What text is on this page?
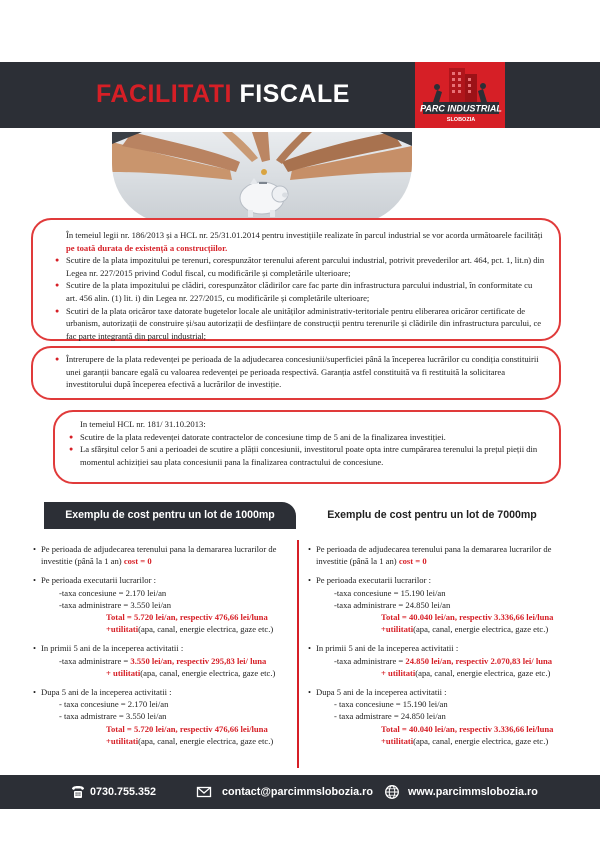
FACILITATI FISCALE
PARC INDUSTRIAL
SLOBOZIA

În temeiul legii nr. 186/2013 și a HCL nr. 25/31.01.2014 pentru investițiile realizate în parcul industrial se vor acorda următoarele facilități pe toată durata de existență a construcțiilor.

● Scutire de la plata impozitului pe terenuri, corespunzător terenului aferent parcului industrial, potrivit prevederilor art. 464, pct. 1, lit.n) din Legea nr. 227/2015 privind Codul fiscal, cu modificările și completările ulterioare;
● Scutire de la plata impozitului pe clădiri, corespunzător clădirilor care fac parte din infrastructura parcului industrial, în conformitate cu art. 456 alin. (1) lit. i) din Legea nr. 227/2015, cu modificările și completările ulterioare;
● Scutiri de la plata oricăror taxe datorate bugetelor locale ale unităților administrativ-teritoriale pentru eliberarea oricăror certificate de urbanism, autorizații de construire și/sau autorizații de desființare de construcții pentru terenurile și clădirile din infrastructura parcului, ce fac parte integrantă din parcul industrial;
● Întrerupere de la plata redevenței pe perioada de la adjudecarea concesiunii/superficiei până la începerea lucrărilor cu condiția constituirii unei garanții bancare egală cu valoarea redevenței pe perioada respectivă. Garanția astfel constituită va fi restituită la solicitarea investitorului după începerea efectivă a lucrărilor de investiție.

In temeiul HCL nr. 181/ 31.10.2013:

● Scutire de la plata redevenței datorate contractelor de concesiune timp de 5 ani de la finalizarea investiției.
● La sfârșitul celor 5 ani a perioadei de scutire a plății concesiunii, investitorul poate opta intre cumpărarea terenului la prețul pieții din momentul achiziției sau plata concesiunii pana la finalizarea contractului de concesiune.
Exemplu de cost pentru un lot de 1000mp	Exemplu de cost pentru un lot de 7000mp
• Pe perioada de adjudecarea terenului pana la demararea lucrarilor de investitie (până la 1 an) cost = 0
• Pe perioada executarii lucrarilor :
-taxa concesiune = 2.170 lei/an
-taxa administrare = 3.550 lei/an
Total = 5.720 lei/an, respectiv 476,66 lei/luna
+utilitati(apa, canal, energie electrica, gaze etc.)
• In primii 5 ani de la inceperea activitatii :
-taxa administrare = 3.550 lei/an, respectiv 295,83 lei/ luna
+ utilitati(apa, canal, energie electrica, gaze etc.)
• Dupa 5 ani de la inceperea activitatii :
- taxa concesiune = 2.170 lei/an
- taxa admistrare = 3.550 lei/an
Total = 5.720 lei/an, respectiv 476,66 lei/luna
+utilitati(apa, canal, energie electrica, gaze etc.)
• Pe perioada de adjudecarea terenului pana la demararea lucrarilor de investitie (până la 1 an) cost = 0
• Pe perioada executarii lucrarilor :
-taxa concesiune = 15.190 lei/an
-taxa administrare = 24.850 lei/an
Total = 40.040 lei/an, respectiv 3.336,66 lei/luna
+utilitati(apa, canal, energie electrica, gaze etc.)
• In primii 5 ani de la inceperea activitatii :
-taxa administrare = 24.850 lei/an, respectiv 2.070,83 lei/ luna
+ utilitati(apa, canal, energie electrica, gaze etc.)
• Dupa 5 ani de la inceperea activitatii :
- taxa concesiune = 15.190 lei/an
- taxa admistrare = 24.850 lei/an
Total = 40.040 lei/an, respectiv 3.336,66 lei/luna
+utilitati(apa, canal, energie electrica, gaze etc.)
0730.755.352	contact@parcimmslobozia.ro	www.parcimmslobozia.ro
